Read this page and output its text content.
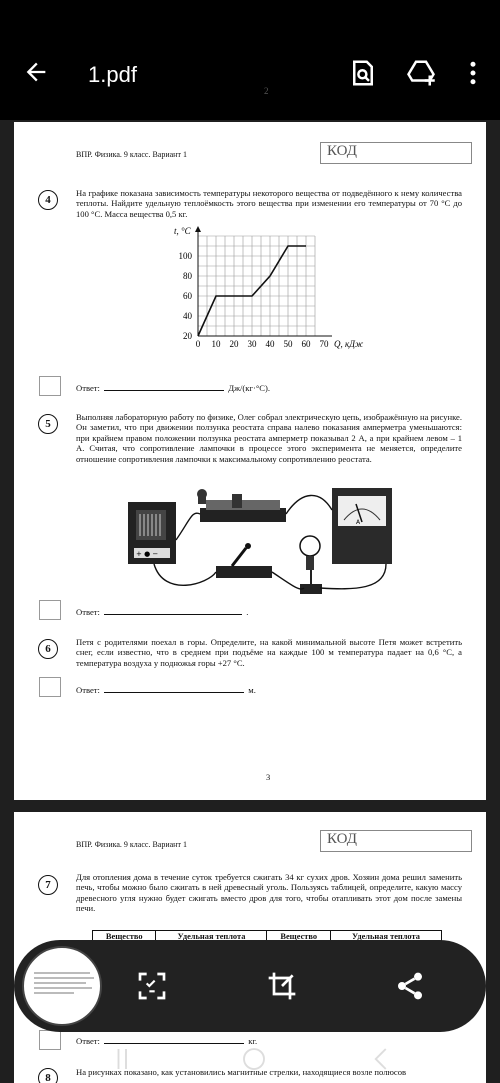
1.pdf
2
ВПР. Физика. 9 класс. Вариант 1	КОД
4
На графике показана зависимость температуры некоторого вещества от подведённого к нему количества теплоты. Найдите удельную теплоёмкость этого вещества при изменении его температуры от 70 °С до 100 °С. Масса вещества 0,5 кг.
0 10 20 30 40 50 60 70
20
40
60
80
100
Q, кДж
t, °С
Ответ:	Дж/(кг·°С).
5
Выполняя лабораторную работу по физике, Олег собрал электрическую цепь, изображённую на рисунке. Он заметил, что при движении ползунка реостата справа налево показания амперметра уменьшаются: при крайнем правом положении ползунка реостата амперметр показывал 2 А, а при крайнем левом – 1 А. Считая, что сопротивление лампочки в процессе этого эксперимента не меняется, определите отношение сопротивления лампочки к максимальному сопротивлению реостата.
+ ● −
A
Ответ:	.
6
Петя с родителями поехал в горы. Определите, на какой минимальной высоте Петя может встретить снег, если известно, что в среднем при подъёме на каждые 100 м температура падает на 0,6 °С, а температура воздуха у подножья горы +27 °С.
Ответ:	м.
3
ВПР. Физика. 9 класс. Вариант 1	КОД
7
Для отопления дома в течение суток требуется сжигать 34 кг сухих дров. Хозяин дома решил заменить печь, чтобы можно было сжигать в ней древесный уголь. Пользуясь таблицей, определите, какую массу древесного угля нужно будет сжигать вместо дров для того, чтобы отапливать этот дом после замены печи.
Вещество	Удельная теплота	Вещество	Удельная теплота

Ответ:	кг.
8	На рисунках показано, как установились магнитные стрелки, находящиеся возле полюсов
